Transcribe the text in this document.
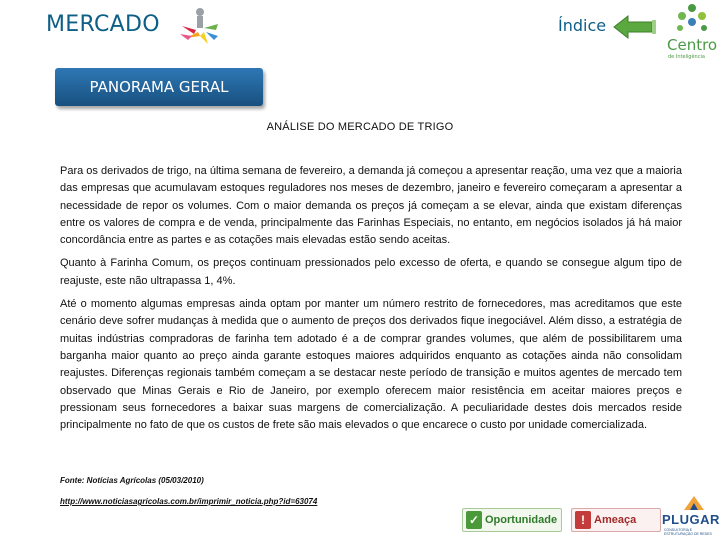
MERCADO	Índice
Centro
de Inteligência
PANORAMA GERAL
ANÁLISE DO MERCADO DE TRIGO

Para os derivados de trigo, na última semana de fevereiro, a demanda já começou a apresentar reação, uma vez que a maioria das empresas que acumulavam estoques reguladores nos meses de dezembro, janeiro e fevereiro começaram a apresentar a necessidade de repor os volumes. Com o maior demanda os preços já começam a se elevar, ainda que existam diferenças entre os valores de compra e de venda, principalmente das Farinhas Especiais, no entanto, em negócios isolados já há maior concordância entre as partes e as cotações mais elevadas estão sendo aceitas.

Quanto à Farinha Comum, os preços continuam pressionados pelo excesso de oferta, e quando se consegue algum tipo de reajuste, este não ultrapassa 1, 4%.

Até o momento algumas empresas ainda optam por manter um número restrito de fornecedores, mas acreditamos que este cenário deve sofrer mudanças à medida que o aumento de preços dos derivados fique inegociável. Além disso, a estratégia de muitas indústrias compradoras de farinha tem adotado é a de comprar grandes volumes, que além de possibilitarem uma barganha maior quanto ao preço ainda garante estoques maiores adquiridos enquanto as cotações ainda não consolidam reajustes. Diferenças regionais também começam a se destacar neste período de transição e muitos agentes de mercado tem observado que Minas Gerais e Rio de Janeiro, por exemplo oferecem maior resistência em aceitar maiores preços e pressionam seus fornecedores a baixar suas margens de comercialização. A peculiaridade destes dois mercados reside principalmente no fato de que os custos de frete são mais elevados o que encarece o custo por unidade comercializada.

Fonte: Notícias Agrícolas (05/03/2010)
http://www.noticiasagricolas.com.br/imprimir_noticia.php?id=63074
✓ Oportunidade	! Ameaça PLUGAR
CONSULTORIA E ESTRUTURAÇÃO DE REDES
